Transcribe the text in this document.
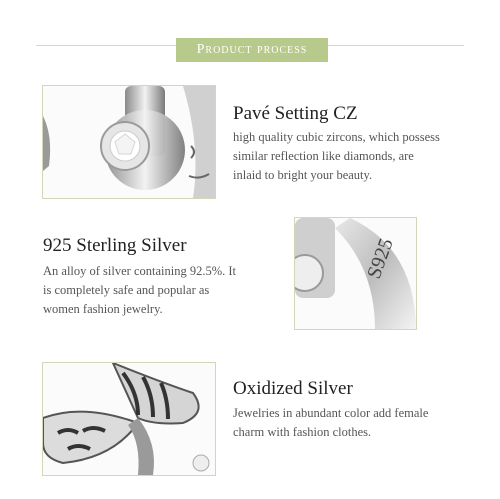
Product process
Pavé Setting CZ
high quality cubic zircons, which possess
similar reflection like diamonds, are
inlaid to bright your beauty.
S925
925 Sterling Silver
An alloy of silver containing 92.5%. It
is completely safe and popular as
women fashion jewelry.
Oxidized Silver
Jewelries in abundant color add female
charm with fashion clothes.
